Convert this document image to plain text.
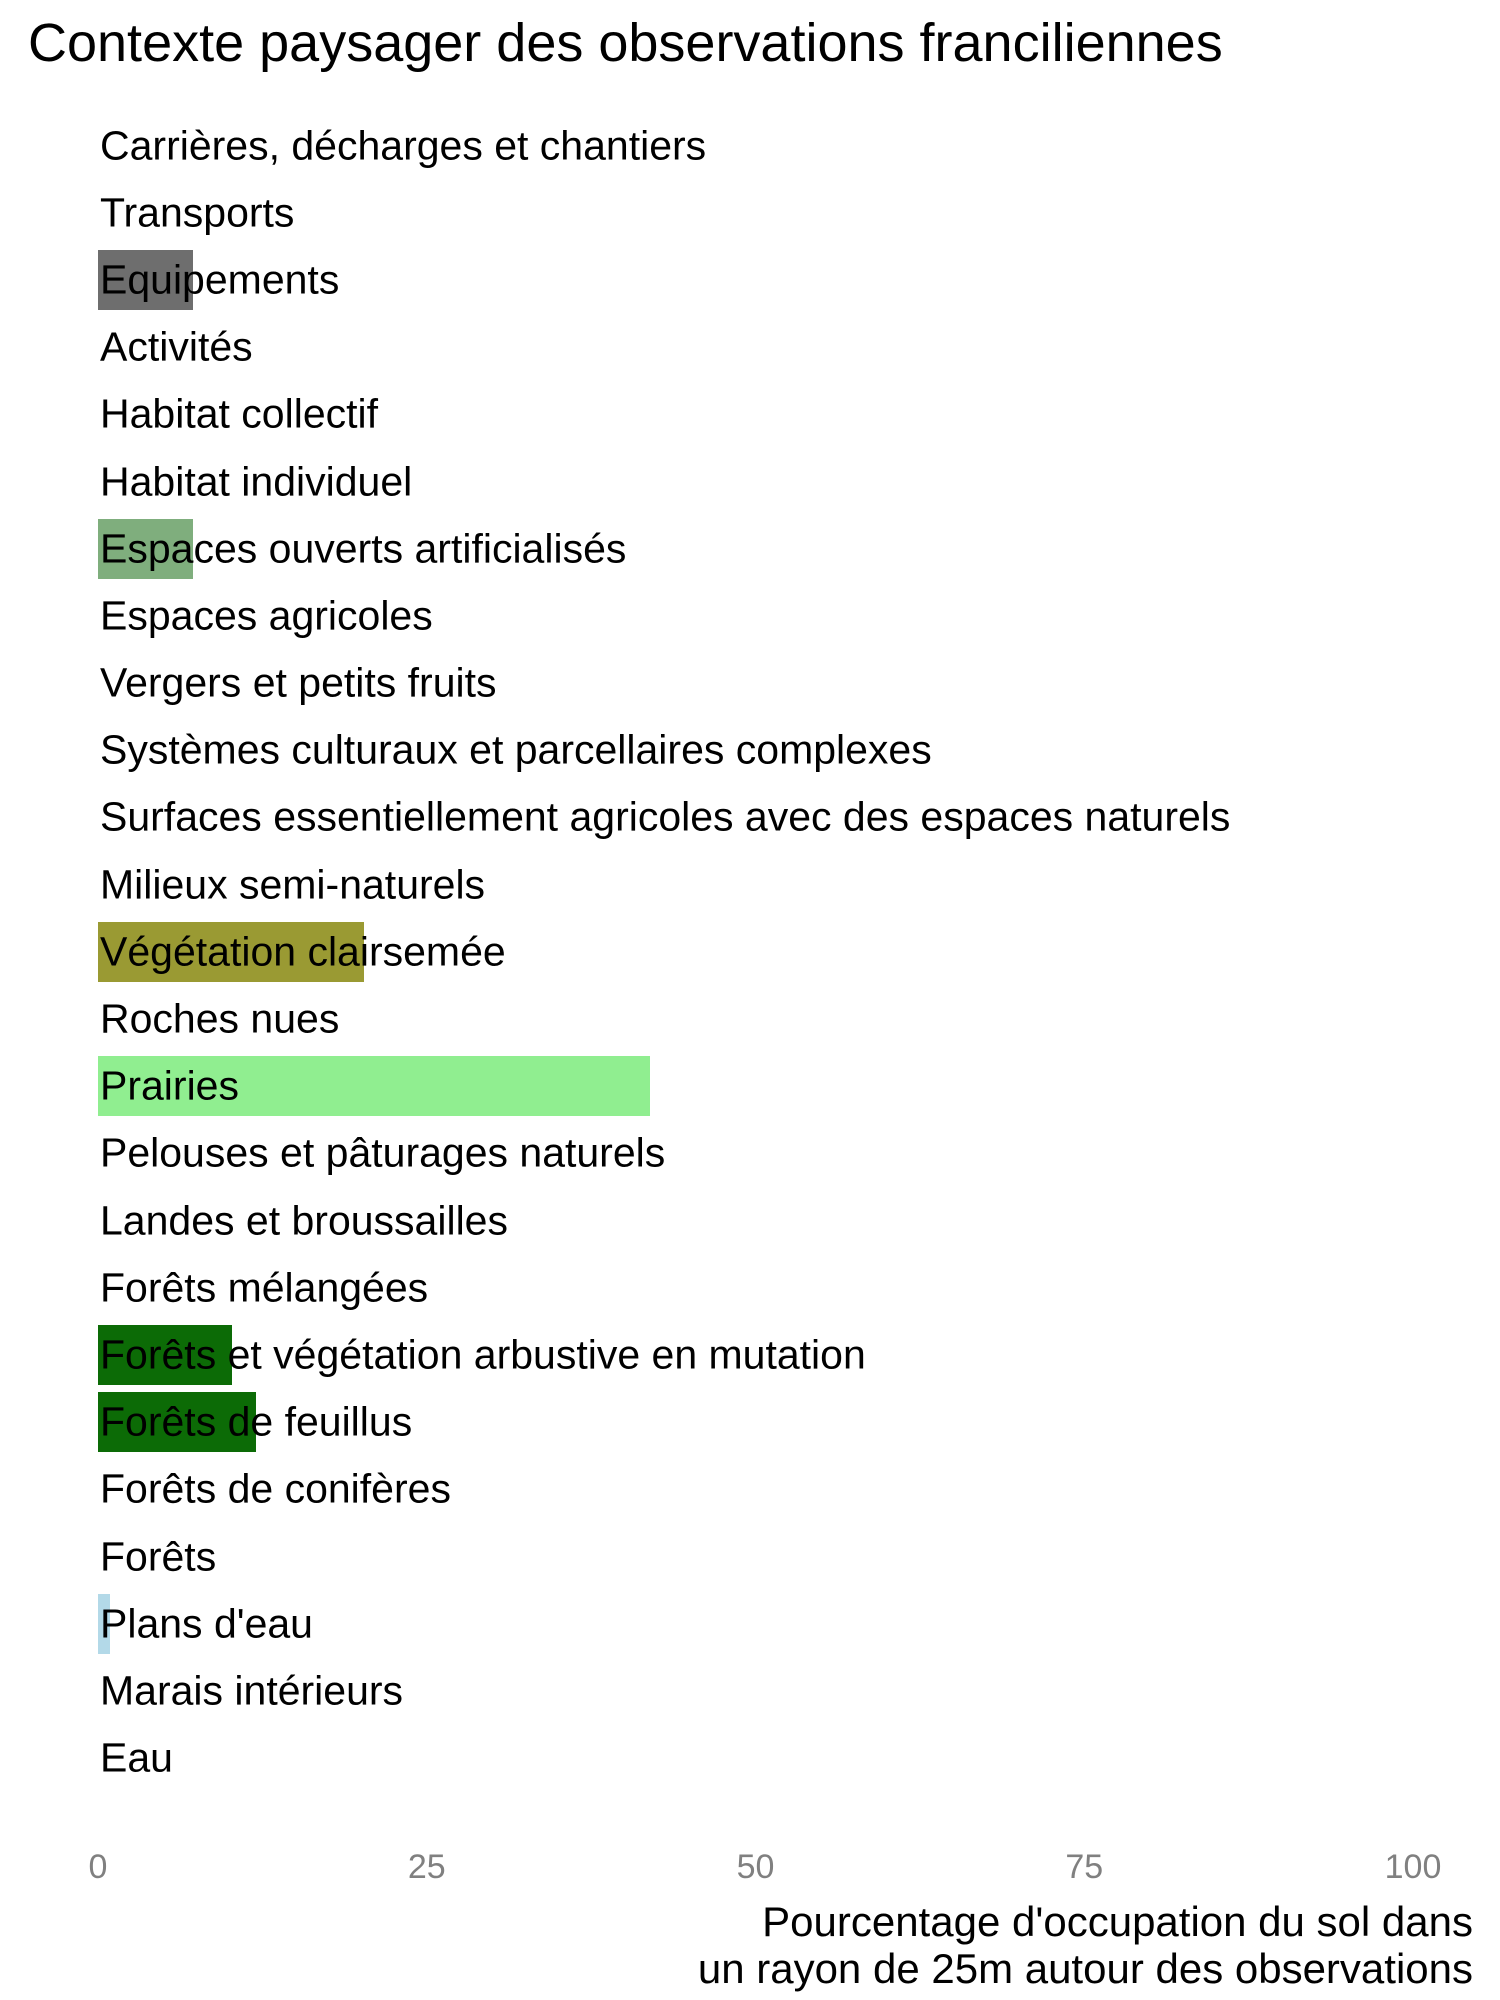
Contexte paysager des observations franciliennes
Carrières, décharges et chantiers
Transports
Equipements
Activités
Habitat collectif
Habitat individuel
Espaces ouverts artificialisés
Espaces agricoles
Vergers et petits fruits
Systèmes culturaux et parcellaires complexes
Surfaces essentiellement agricoles avec des espaces naturels
Milieux semi-naturels
Végétation clairsemée
Roches nues
Prairies
Pelouses et pâturages naturels
Landes et broussailles
Forêts mélangées
Forêts et végétation arbustive en mutation
Forêts de feuillus
Forêts de conifères
Forêts
Plans d'eau
Marais intérieurs
Eau
Pourcentage d'occupation du sol dans
un rayon de 25m autour des observations
0	25	50	75	100
